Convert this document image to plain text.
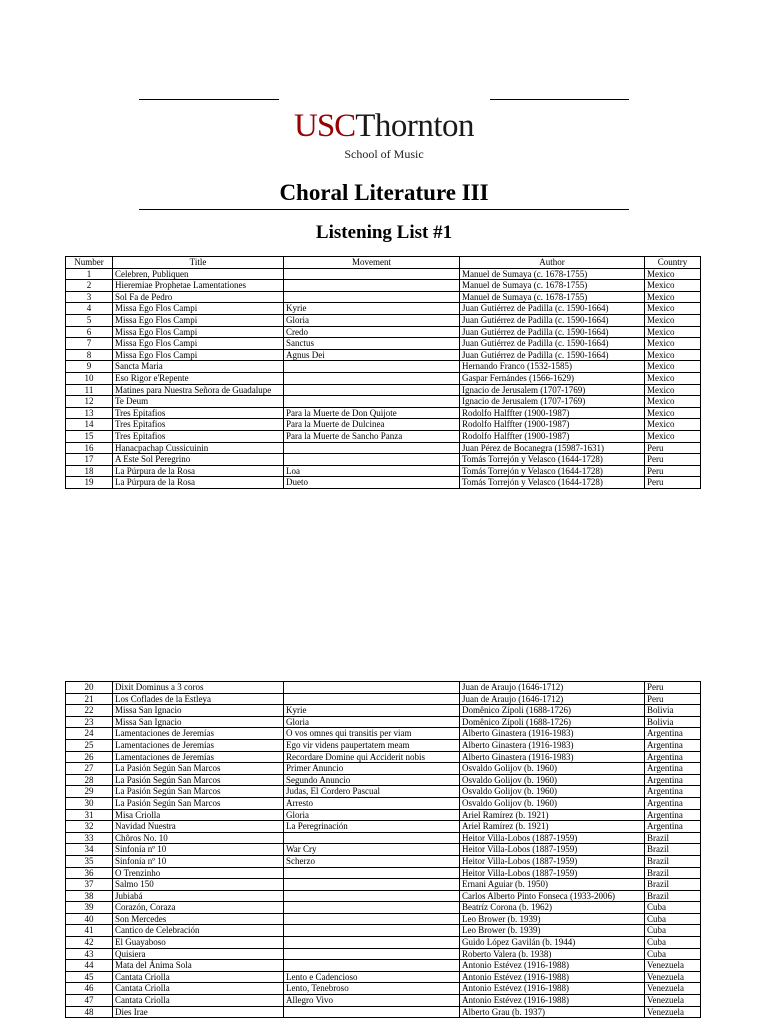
USCThornton
School of Music
Choral Literature III
Listening List #1
Number	Title	Movement	Author	Country
1	Celebren, Publiquen		Manuel de Sumaya (c. 1678-1755)	Mexico
2	Hieremiae Prophetae Lamentationes		Manuel de Sumaya (c. 1678-1755)	Mexico
3	Sol Fa de Pedro		Manuel de Sumaya (c. 1678-1755)	Mexico
4	Missa Ego Flos Campi	Kyrie	Juan Gutiérrez de Padilla (c. 1590-1664)	Mexico
5	Missa Ego Flos Campi	Gloria	Juan Gutiérrez de Padilla (c. 1590-1664)	Mexico
6	Missa Ego Flos Campi	Credo	Juan Gutiérrez de Padilla (c. 1590-1664)	Mexico
7	Missa Ego Flos Campi	Sanctus	Juan Gutiérrez de Padilla (c. 1590-1664)	Mexico
8	Missa Ego Flos Campi	Agnus Dei	Juan Gutiérrez de Padilla (c. 1590-1664)	Mexico
9	Sancta Maria		Hernando Franco (1532-1585)	Mexico
10	Eso Rigor e'Repente		Gaspar Fernándes (1566-1629)	Mexico
11	Matines para Nuestra Señora de Guadalupe		Ignacio de Jerusalem (1707-1769)	Mexico
12	Te Deum		Ignacio de Jerusalem (1707-1769)	Mexico
13	Tres Epitafios	Para la Muerte de Don Quijote	Rodolfo Halffter (1900-1987)	Mexico
14	Tres Epitafios	Para la Muerte de Dulcinea	Rodolfo Halffter (1900-1987)	Mexico
15	Tres Epitafios	Para la Muerte de Sancho Panza	Rodolfo Halffter (1900-1987)	Mexico
16	Hanacpachap Cussicuinin		Juan Pérez de Bocanegra (15987-1631)	Peru
17	A Este Sol Peregrino		Tomás Torrejón y Velasco (1644-1728)	Peru
18	La Púrpura de la Rosa	Loa	Tomás Torrejón y Velasco (1644-1728)	Peru
19	La Púrpura de la Rosa	Dueto	Tomás Torrejón y Velasco (1644-1728)	Peru
20	Dixit Dominus a 3 coros		Juan de Araujo (1646-1712)	Peru
21	Los Coflades de la Estleya		Juan de Araujo (1646-1712)	Peru
22	Missa San Ignacio	Kyrie	Domênico Zípoli (1688-1726)	Bolivia
23	Missa San Ignacio	Gloria	Domênico Zípoli (1688-1726)	Bolivia
24	Lamentaciones de Jeremías	O vos omnes qui transitis per viam	Alberto Ginastera (1916-1983)	Argentina
25	Lamentaciones de Jeremías	Ego vir videns paupertatem meam	Alberto Ginastera (1916-1983)	Argentina
26	Lamentaciones de Jeremías	Recordare Domine qui Acciderit nobis	Alberto Ginastera (1916-1983)	Argentina
27	La Pasión Según San Marcos	Primer Anuncio	Osvaldo Golijov (b. 1960)	Argentina
28	La Pasión Según San Marcos	Segundo Anuncio	Osvaldo Golijov (b. 1960)	Argentina
29	La Pasión Según San Marcos	Judas, El Cordero Pascual	Osvaldo Golijov (b. 1960)	Argentina
30	La Pasión Según San Marcos	Arresto	Osvaldo Golijov (b. 1960)	Argentina
31	Misa Criolla	Gloria	Ariel Ramírez (b. 1921)	Argentina
32	Navidad Nuestra	La Peregrinación	Ariel Ramírez (b. 1921)	Argentina
33	Chôros No. 10		Heitor Villa-Lobos (1887-1959)	Brazil
34	Sinfonía nº 10	War Cry	Heitor Villa-Lobos (1887-1959)	Brazil
35	Sinfonía nº 10	Scherzo	Heitor Villa-Lobos (1887-1959)	Brazil
36	O Trenzinho		Heitor Villa-Lobos (1887-1959)	Brazil
37	Salmo 150		Ernani Aguiar (b. 1950)	Brazil
38	Jubiabá		Carlos Alberto Pinto Fonseca (1933-2006)	Brazil
39	Corazón, Coraza		Beatríz Corona (b. 1962)	Cuba
40	Son Mercedes		Leo Brower (b. 1939)	Cuba
41	Cantico de Celebración		Leo Brower (b. 1939)	Cuba
42	El Guayaboso		Guido López Gavilán (b. 1944)	Cuba
43	Quisiera		Roberto Valera (b. 1938)	Cuba
44	Mata del Ánima Sola		Antonio Estévez (1916-1988)	Venezuela
45	Cantata Criolla	Lento e Cadencioso	Antonio Estévez (1916-1988)	Venezuela
46	Cantata Criolla	Lento, Tenebroso	Antonio Estévez (1916-1988)	Venezuela
47	Cantata Criolla	Allegro Vivo	Antonio Estévez (1916-1988)	Venezuela
48	Dies Irae		Alberto Grau (b. 1937)	Venezuela
